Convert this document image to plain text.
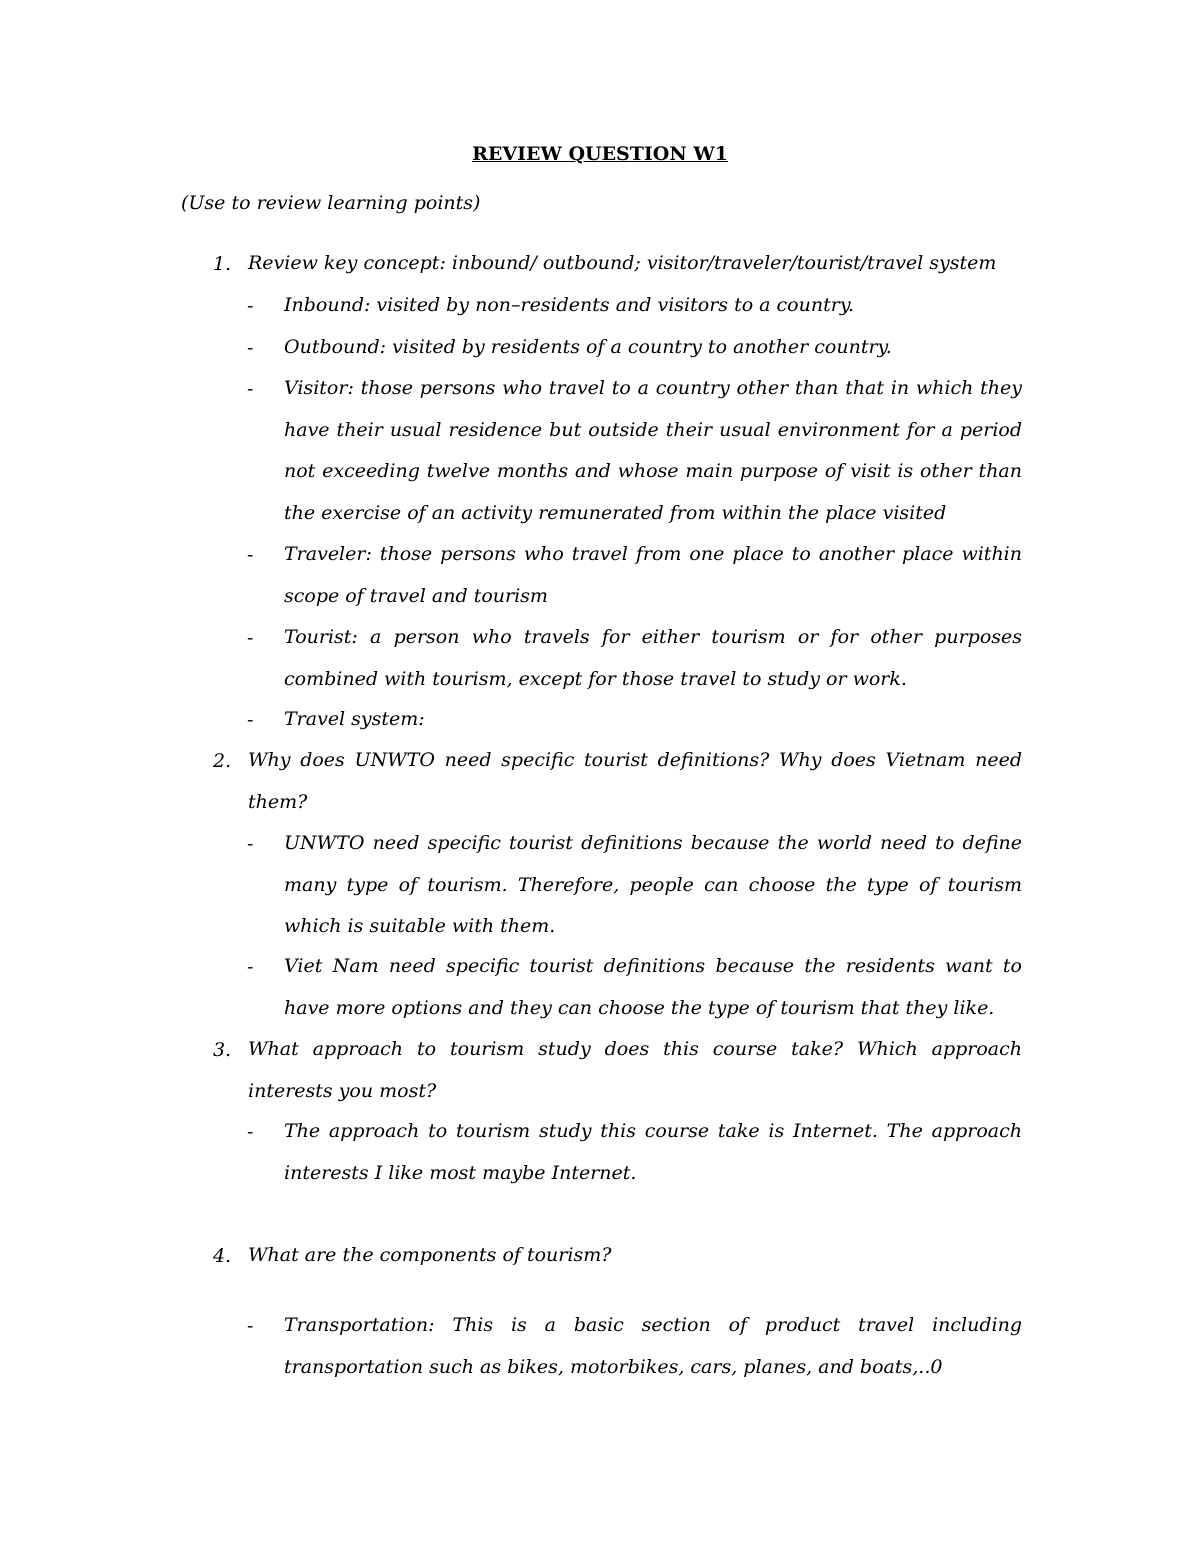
REVIEW QUESTION W1
(Use to review learning points)
1. Review key concept: inbound/ outbound; visitor/traveler/tourist/travel system
-	Inbound: visited by non–residents and visitors to a country.
-	Outbound: visited by residents of a country to another country.
-	Visitor: those persons who travel to a country other than that in which they have their usual residence but outside their usual environment for a period not exceeding twelve months and whose main purpose of visit is other than the exercise of an activity remunerated from within the place visited
-	Traveler: those persons who travel from one place to another place within scope of travel and tourism
-	Tourist: a person who travels for either tourism or for other purposes combined with tourism, except for those travel to study or work.
-	Travel system:
2. Why does UNWTO need specific tourist definitions? Why does Vietnam need them?
-	UNWTO need specific tourist definitions because the world need to define many type of tourism. Therefore, people can choose the type of tourism which is suitable with them.
-	Viet Nam need specific tourist definitions because the residents want to have more options and they can choose the type of tourism that they like.
3. What approach to tourism study does this course take? Which approach interests you most?
-	The approach to tourism study this course take is Internet. The approach interests I like most maybe Internet.
4. What are the components of tourism?
-	Transportation: This is a basic section of product travel including transportation such as bikes, motorbikes, cars, planes, and boats,..0
